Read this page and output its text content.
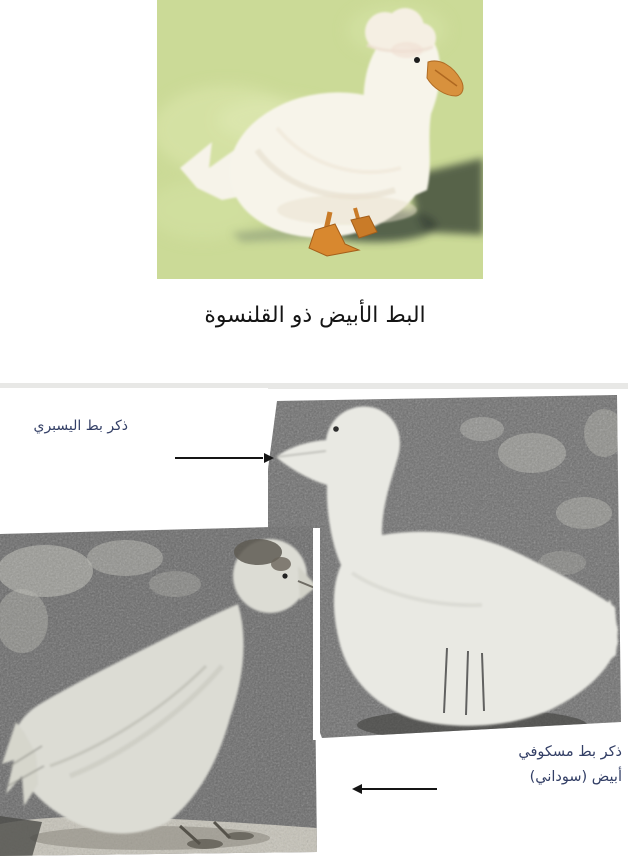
البط الأبيض ذو القلنسوة
ذكر بط اليسبري
ذكر بط مسكوفي
أبيض (سوداني)
